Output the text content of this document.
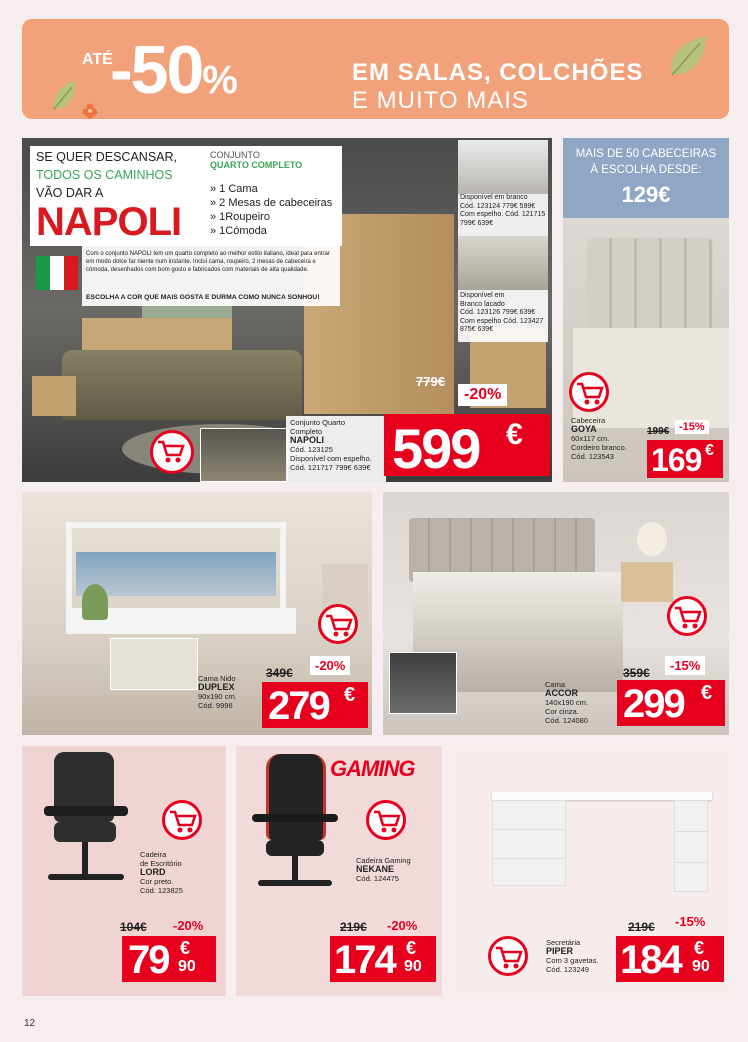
ATÉ
-50%	EM SALAS, COLCHÕES
E MUITO MAIS
SE QUER DESCANSAR,
TODOS OS CAMINHOS
VÃO DAR A
NAPOLI
CONJUNTO
QUARTO COMPLETO
» 1 Cama
» 2 Mesas de cabeceiras
» 1Roupeiro
» 1Cómoda
Com o conjunto NAPOLI tem um quarto completo ao melhor estilo italiano, ideal para entrar em modo dolce far niente num instante. Inclui cama, roupeiro, 2 mesas de cabeceira e cómoda, desenhados com bom gosto e fabricados com materiais de alta qualidade.
ESCOLHA A COR QUE MAIS GOSTA E DURMA COMO NUNCA SONHOU!
Disponível em branco
Cód. 123124 779€ 599€
Com espelho. Cód. 121715
799€ 639€
Disponível em
Branco lacado
Cód. 123126 799€ 639€
Com espelho Cód. 123427
875€ 639€
Conjunto Quarto
Completo
NAPOLI
Cód. 123125
Disponível com espelho.
Cód. 121717 799€ 639€
779€
-20%
599 €
MAIS DE 50 CABECEIRAS
À ESCOLHA DESDE:
129€
Cabeceira
GOYA
60x117 cm.
Cordeiro branco.
Cód. 123543
199€ -15%
169 €
Cama Nido
DUPLEX
90x190 cm.
Cód. 9996
349€	-20%
279 €	Cama
ACCOR
140x190 cm.
Cor cinza.
Cód. 124080
359€	-15%
299 €
Cadeira
de Escritório
LORD
Cor preto.
Cód. 123825
104€	-20%
79 €
90
GAMING
Cadeira Gaming
NEKANE
Cód. 124475
219€	-20%
174 €
90
Secretária
PIPER
Com 3 gavetas.
Cód. 123249
219€	-15%
184 €
90
12
